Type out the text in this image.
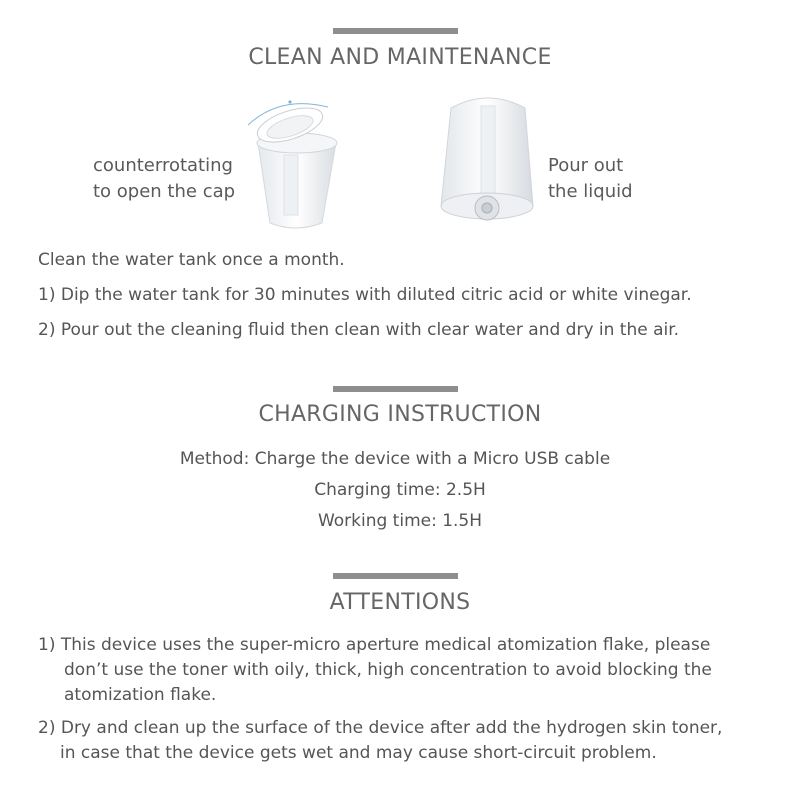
CLEAN AND MAINTENANCE
counterrotating
to open the cap
Pour out
the liquid
Clean the water tank once a month.
1) Dip the water tank for 30 minutes with diluted citric acid or white vinegar.
2) Pour out the cleaning fluid then clean with clear water and dry in the air.
CHARGING INSTRUCTION
Method: Charge the device with a Micro USB cable
Charging time: 2.5H
Working time: 1.5H
ATTENTIONS
1) This device uses the super-micro aperture medical atomization flake, please
don’t use the toner with oily, thick, high concentration to avoid blocking the
atomization flake.
2) Dry and clean up the surface of the device after add the hydrogen skin toner,
in case that the device gets wet and may cause short-circuit problem.
